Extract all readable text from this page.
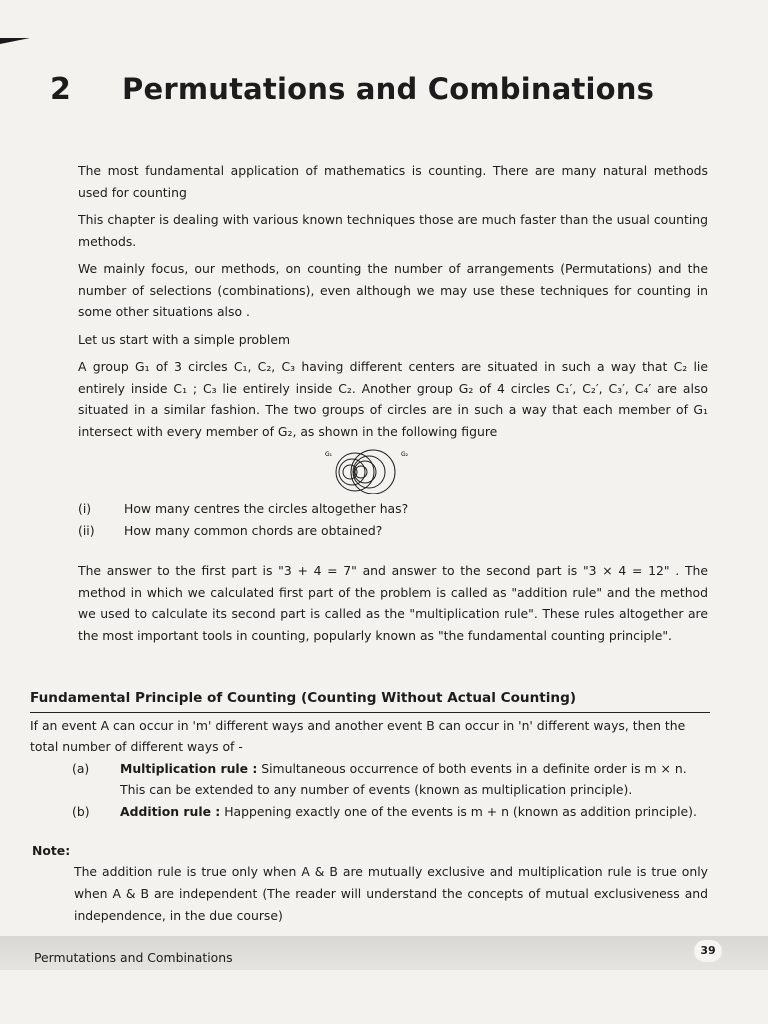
2	Permutations and Combinations

The most fundamental application of mathematics is counting. There are many natural methods used for counting

This chapter is dealing with various known techniques those are much faster than the usual counting methods.

We mainly focus, our methods, on counting the number of arrangements (Permutations) and the number of selections (combinations), even although we may use these techniques for counting in some other situations also .

Let us start with a simple problem

A group G₁ of 3 circles C₁, C₂, C₃ having different centers are situated in such a way that C₂ lie entirely inside C₁ ; C₃ lie entirely inside C₂. Another group G₂ of 4 circles C₁′, C₂′, C₃′, C₄′ are also situated in a similar fashion. The two groups of circles are in such a way that each member of G₁ intersect with every member of G₂, as shown in the following figure

G₁	G₂
(i)	How many centres the circles altogether has?
(ii)	How many common chords are obtained?

The answer to the first part is "3 + 4 = 7" and answer to the second part is "3 × 4 = 12" . The method in which we calculated first part of the problem is called as "addition rule" and the method we used to calculate its second part is called as the "multiplication rule". These rules altogether are the most important tools in counting, popularly known as "the fundamental counting principle".

Fundamental Principle of Counting (Counting Without Actual Counting)
If an event A can occur in 'm' different ways and another event B can occur in 'n' different ways, then the total number of different ways of -
(a)	Multiplication rule : Simultaneous occurrence of both events in a definite order is m × n. This can be extended to any number of events (known as multiplication principle).
(b)	Addition rule : Happening exactly one of the events is m + n (known as addition principle).
Note:
The addition rule is true only when A & B are mutually exclusive and multiplication rule is true only when A & B are independent (The reader will understand the concepts of mutual exclusiveness and independence, in the due course)
Permutations and Combinations	39
